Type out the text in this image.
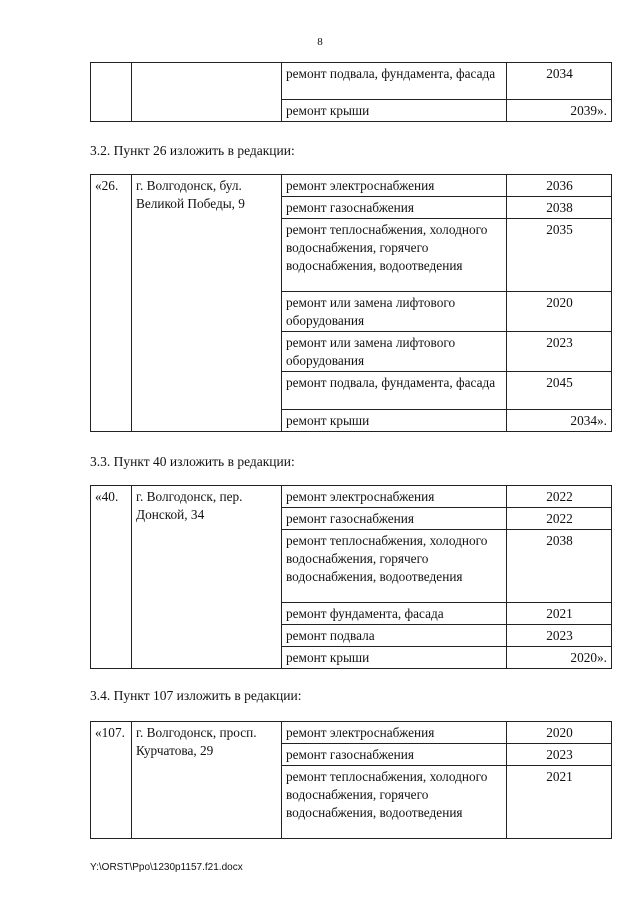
8
		ремонт подвала, фундамента, фасада	2034
		ремонт крыши	2039».
3.2. Пункт 26 изложить в редакции:
«26.	г. Волгодонск, бул. Великой Победы, 9	ремонт электроснабжения	2036
		ремонт газоснабжения	2038
		ремонт теплоснабжения, холодного водоснабжения, горячего водоснабжения, водоотведения	2035
		ремонт или замена лифтового оборудования	2020
		ремонт или замена лифтового оборудования	2023
		ремонт подвала, фундамента, фасада	2045
		ремонт крыши	2034».
3.3. Пункт 40 изложить в редакции:
«40.	г. Волгодонск, пер. Донской, 34	ремонт электроснабжения	2022
		ремонт газоснабжения	2022
		ремонт теплоснабжения, холодного водоснабжения, горячего водоснабжения, водоотведения	2038
		ремонт фундамента, фасада	2021
		ремонт подвала	2023
		ремонт крыши	2020».
3.4. Пункт 107 изложить в редакции:
«107.	г. Волгодонск, просп. Курчатова, 29	ремонт электроснабжения	2020
		ремонт газоснабжения	2023
		ремонт теплоснабжения, холодного водоснабжения, горячего водоснабжения, водоотведения	2021
Y:\ORST\Ppo\1230p1157.f21.docx
